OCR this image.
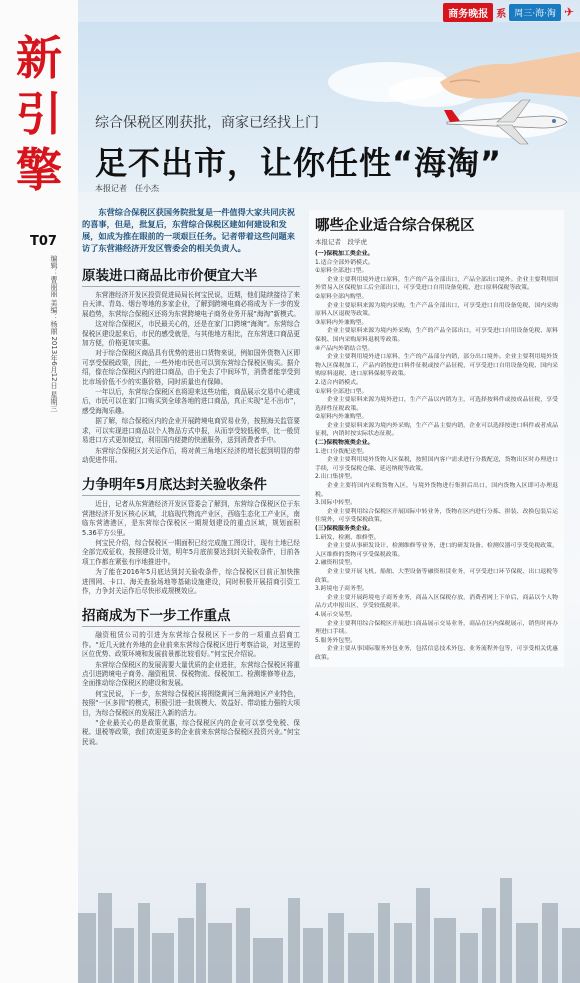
新
引
擎
T07
编辑：曹丽丽 美编：杨丽 2013年6月12日 星期三
商务晚报 系 周三·海·淘 ✈
综合保税区刚获批，商家已经找上门
足不出市，让你任性“海淘”
本报记者　任小杰

东营综合保税区获国务院批复是一件值得大家共同庆祝的喜事，但是，批复后，东营综合保税区建如何建设和发展，如成为推在眼前的一项艰巨任务。记者带着这些问题来访了东营港经济开发区管委会的相关负责人。

原装进口商品比市价便宜大半

东营港经济开发区投资促进局局长何宝民说，近期，他们陆续接待了来自天津、青岛、烟台等地的多家企业，了解到跨境电商必将成为下一步的发展趋势，东营综合保税区还将为东营跨境电子商务业务开展“海淘”新模式。

这对综合保税区，市民最关心的，还是在家门口跨境“海淘”。东营综合保税区建设起来后，市民的感受就是，与其他地方相比，在东营进口商品更加方便，价格更加实惠。

对于综合保税区商品具有优势的进出口货物来说，例如国外货物入区即可享受保税政策，因此，一些外地市民也可以到东营综合保税区购买。据介绍，像在综合保税区内的进口商品，由于免去了中间环节，消费者能享受到比市场价低不少的实惠价格，同时质量也有保障。

一年以后，东营综合保税区也将迎来这些功能，商品展示交易中心建成后，市民可以在家门口购买到全球各地的进口商品，真正实现“足不出市”，感受海淘乐趣。

据了解，综合保税区内的企业开展跨境电商贸易业务，按照海关监管要求，可以实现进口商品以个人物品方式申报，从而享受较低税率，比一般贸易进口方式更加便宜，利用国内便捷的快递服务，送到消费者手中。

东营综合保税区封关运作后，将对黄三角地区经济的增长起到明显的带动促进作用。

力争明年5月底达封关验收条件

近日，记者从东营港经济开发区管委会了解到，东营综合保税区位于东营港经济开发区核心区域，北临现代物流产业区，西临生态化工产业区，南临东营港港区，是东营综合保税区一期规划建设的重点区域，规划面积5.36平方公里。

何宝民介绍，综合保税区一期面积已经完成施工图设计，现有土地已经全部完成征收，按照建设计划，明年5月底前要达到封关验收条件，目前各项工作都在紧张有序地推进中。

为了能在2016年5月底达到封关验收条件，综合保税区目前正加快推进围网、卡口、海关查验场地等基础设施建设，同时积极开展招商引资工作，力争封关运作后尽快形成规模效应。

招商成为下一步工作重点

融资租赁公司的引进为东营综合保税区下一步的一项重点招商工作。“近几天就有外地的企业前来东营综合保税区进行考察洽谈，对这里的区位优势、政策环境和发展前景都比较看好。”何宝民介绍说。

东营综合保税区的发展需要大量优质的企业进驻，东营综合保税区将重点引进跨境电子商务、融资租赁、保税物流、保税加工、检测维修等业态，全面推动综合保税区的建设和发展。

何宝民说，下一步，东营综合保税区将围绕黄河三角洲地区产业特色，按照“一区多园”的模式，积极引进一批规模大、效益好、带动能力强的大项目，为综合保税区的发展注入新的活力。

“企业最关心的是政策优惠，综合保税区内的企业可以享受免税、保税、退税等政策，我们欢迎更多的企业前来东营综合保税区投资兴业。”何宝民说。

哪些企业适合综合保税区
本报记者　段学虎

(一)保税加工类企业。

1.适合全部外销模式。

①原料全部进口型。

企业主要利用境外进口原料，生产的产品全部出口，产品全部出口境外。企业主要利用国外贸易入区保税加工后全部出口，可享受进口自用设备免税、进口原料保税等政策。

②原料全部内购型。

企业主要原料来源为境内采购，生产产品全部出口，可享受进口自用设备免税、国内采购原料入区退税等政策。

③原料内外兼购型。

企业主要原料来源为境内外采购，生产的产品全部出口，可享受进口自用设备免税、原料保税、国内采购原料退税等政策。

④产品内外销结合型。

企业主要利用境外进口原料，生产的产品部分内销，部分出口境外。企业主要利用境外货物入区保税加工，产品内销按进口料件征税或按产品征税，可享受进口自用设备免税、国内采购原料退税、进口原料保税等政策。

2.适合内销模式。

①原料全部进口型。

企业主要原料来源为境外进口，生产产品以内销为主，可选择按料件或按成品征税，享受选择性征税政策。

②原料内外兼购型。

企业主要原料来源为境内外采购，生产产品主要内销，企业可以选择按进口料件或者成品征税，内销时按实际状态征税。

(二)保税物流类企业。

1.进口分拨配送型。

企业主要利用境外货物入区保税，按照国内客户需求进行分拨配送，货物出区时办理进口手续，可享受保税仓储、延迟纳税等政策。

2.出口集拼型。

企业主要将国内采购货物入区，与境外货物进行集拼后出口，国内货物入区即可办理退税。

3.国际中转型。

企业主要利用综合保税区开展国际中转业务，货物在区内进行分拣、拼装、改换包装后运往境外，可享受保税政策。

(三)保税服务类企业。

1.研发、检测、维修型。

企业主要从事研发设计、检测维修等业务，进口的研发设备、检测仪器可享受免税政策，入区维修的货物可享受保税政策。

2.融资租赁型。

企业主要开展飞机、船舶、大型设备等融资租赁业务，可享受进口环节保税、出口退税等政策。

3.跨境电子商务型。

企业主要开展跨境电子商务业务，商品入区保税存放，消费者网上下单后，商品以个人物品方式申报出区，享受较低税率。

4.展示交易型。

企业主要利用综合保税区开展进口商品展示交易业务，商品在区内保税展示，销售时再办理进口手续。

5.服务外包型。

企业主要从事国际服务外包业务，包括信息技术外包、业务流程外包等，可享受相关优惠政策。
